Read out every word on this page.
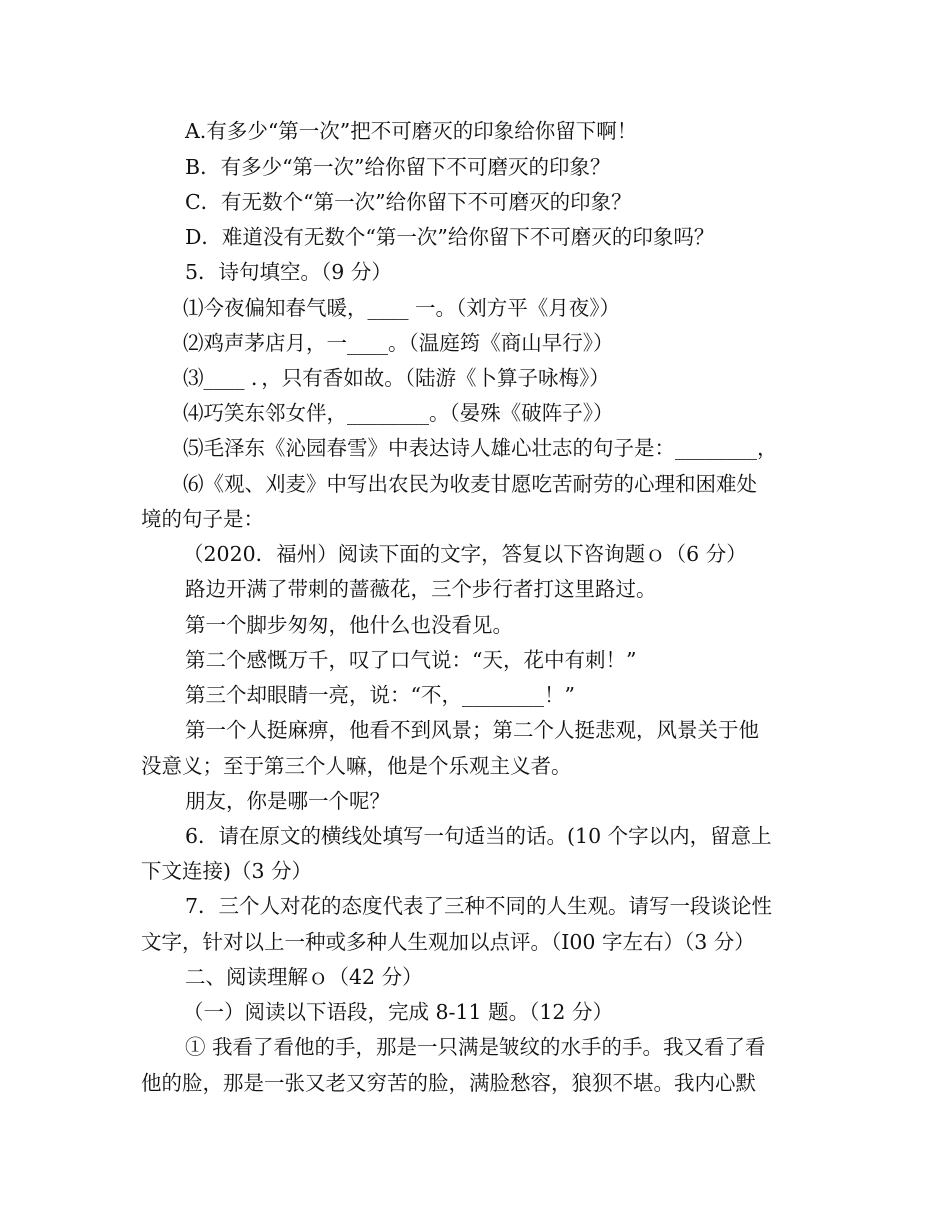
A.有多少“第一次”把不可磨灭的印象给你留下啊！
B．有多少“第一次”给你留下不可磨灭的印象？
C．有无数个“第一次”给你留下不可磨灭的印象？
D．难道没有无数个“第一次”给你留下不可磨灭的印象吗？
5．诗句填空。（9 分）
⑴今夜偏知春气暖，____ 一。（刘方平《月夜》）
⑵鸡声茅店月，一____。（温庭筠《商山早行》）
⑶____ ．，只有香如故。（陆游《卜算子咏梅》）
⑷巧笑东邻女伴，________。（晏殊《破阵子》）
⑸毛泽东《沁园春雪》中表达诗人雄心壮志的句子是：________，
⑹《观、刈麦》中写出农民为收麦甘愿吃苦耐劳的心理和困难处
境的句子是：
（2020．福州）阅读下面的文字，答复以下咨询题ｏ（6 分）
路边开满了带刺的蔷薇花，三个步行者打这里路过。
第一个脚步匆匆，他什么也没看见。
第二个感慨万千，叹了口气说：“天，花中有刺！”
第三个却眼睛一亮，说：“不，________！”
第一个人挺麻痹，他看不到风景；第二个人挺悲观，风景关于他
没意义；至于第三个人嘛，他是个乐观主义者。
朋友，你是哪一个呢？
6．请在原文的横线处填写一句适当的话。(10 个字以内，留意上
下文连接)（3 分）
7．三个人对花的态度代表了三种不同的人生观。请写一段谈论性
文字，针对以上一种或多种人生观加以点评。（I00 字左右）（3 分）
二、阅读理解ｏ（42 分）
（一）阅读以下语段，完成 8-11 题。（12 分）
① 我看了看他的手，那是一只满是皱纹的水手的手。我又看了看
他的脸，那是一张又老又穷苦的脸，满脸愁容，狼狈不堪。我内心默
